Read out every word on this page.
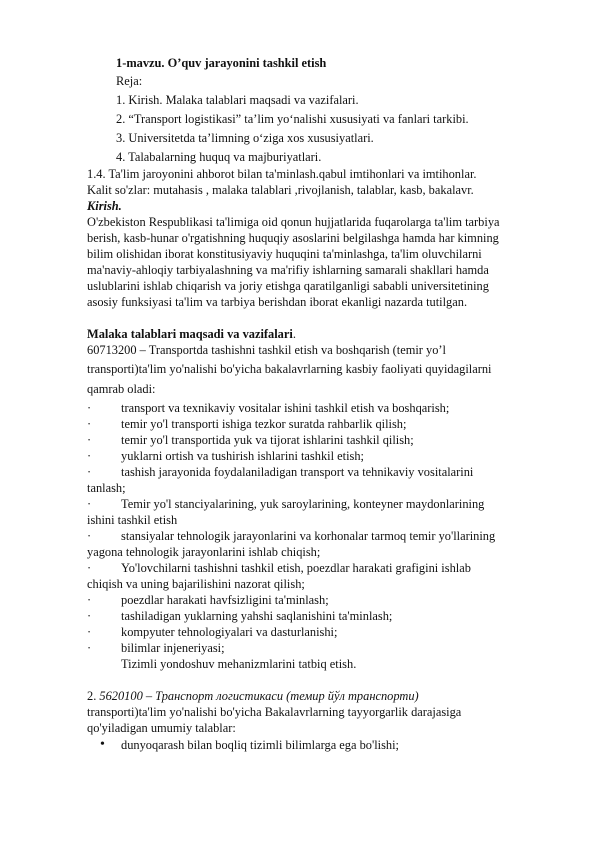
1-mavzu. O’quv jarayonini tashkil etish
Reja:
1. Kirish. Malaka talablari maqsadi va vazifalari.
2. “Transport logistikasi” ta’lim yo‘nalishi xususiyati va fanlari tarkibi.
3. Universitetda ta’limning o‘ziga xos xususiyatlari.
4. Talabalarning huquq va majburiyatlari.
1.4. Ta'lim jaroyonini ahborot bilan ta'minlash.qabul imtihonlari va imtihonlar.
Kalit so'zlar: mutahasis , malaka talablari ,rivojlanish, talablar, kasb, bakalavr.
Kirish.
O'zbekiston Respublikasi ta'limiga oid qonun hujjatlarida fuqarolarga ta'lim tarbiya
berish, kasb-hunar o'rgatishning huquqiy asoslarini belgilashga hamda har kimning
bilim olishidan iborat konstitusiyaviy huquqini ta'minlashga, ta'lim oluvchilarni
ma'naviy-ahloqiy tarbiyalashning va ma'rifiy ishlarning samarali shakllari hamda
uslublarini ishlab chiqarish va joriy etishga qaratilganligi sababli universitetining
asosiy funksiyasi ta'lim va tarbiya berishdan iborat ekanligi nazarda tutilgan.
Malaka talablari maqsadi va vazifalari.
60713200 – Transportda tashishni tashkil etish va boshqarish (temir yo’l
transporti)ta'lim yo'nalishi bo'yicha bakalavrlarning kasbiy faoliyati quyidagilarni
qamrab oladi:
· transport va texnikaviy vositalar ishini tashkil etish va boshqarish;
· temir yo'l transporti ishiga tezkor suratda rahbarlik qilish;
· temir yo'l transportida yuk va tijorat ishlarini tashkil qilish;
· yuklarni ortish va tushirish ishlarini tashkil etish;
· tashish jarayonida foydalaniladigan transport va tehnikaviy vositalarini
tanlash;
· Temir yo'l stanciyalarining, yuk saroylarining, konteyner maydonlarining
ishini tashkil etish
· stansiyalar tehnologik jarayonlarini va korhonalar tarmoq temir yo'llarining
yagona tehnologik jarayonlarini ishlab chiqish;
· Yo'lovchilarni tashishni tashkil etish, poezdlar harakati grafigini ishlab
chiqish va uning bajarilishini nazorat qilish;
· poezdlar harakati havfsizligini ta'minlash;
· tashiladigan yuklarning yahshi saqlanishini ta'minlash;
· kompyuter tehnologiyalari va dasturlanishi;
· bilimlar injeneriyasi;
Tizimli yondoshuv mehanizmlarini tatbiq etish.
2. 5620100 – Транспорт логистикаси (темир йўл транспорти)
transporti)ta'lim yo'nalishi bo'yicha Bakalavrlarning tayyorgarlik darajasiga
qo'yiladigan umumiy talablar:
• dunyoqarash bilan boqliq tizimli bilimlarga ega bo'lishi;
